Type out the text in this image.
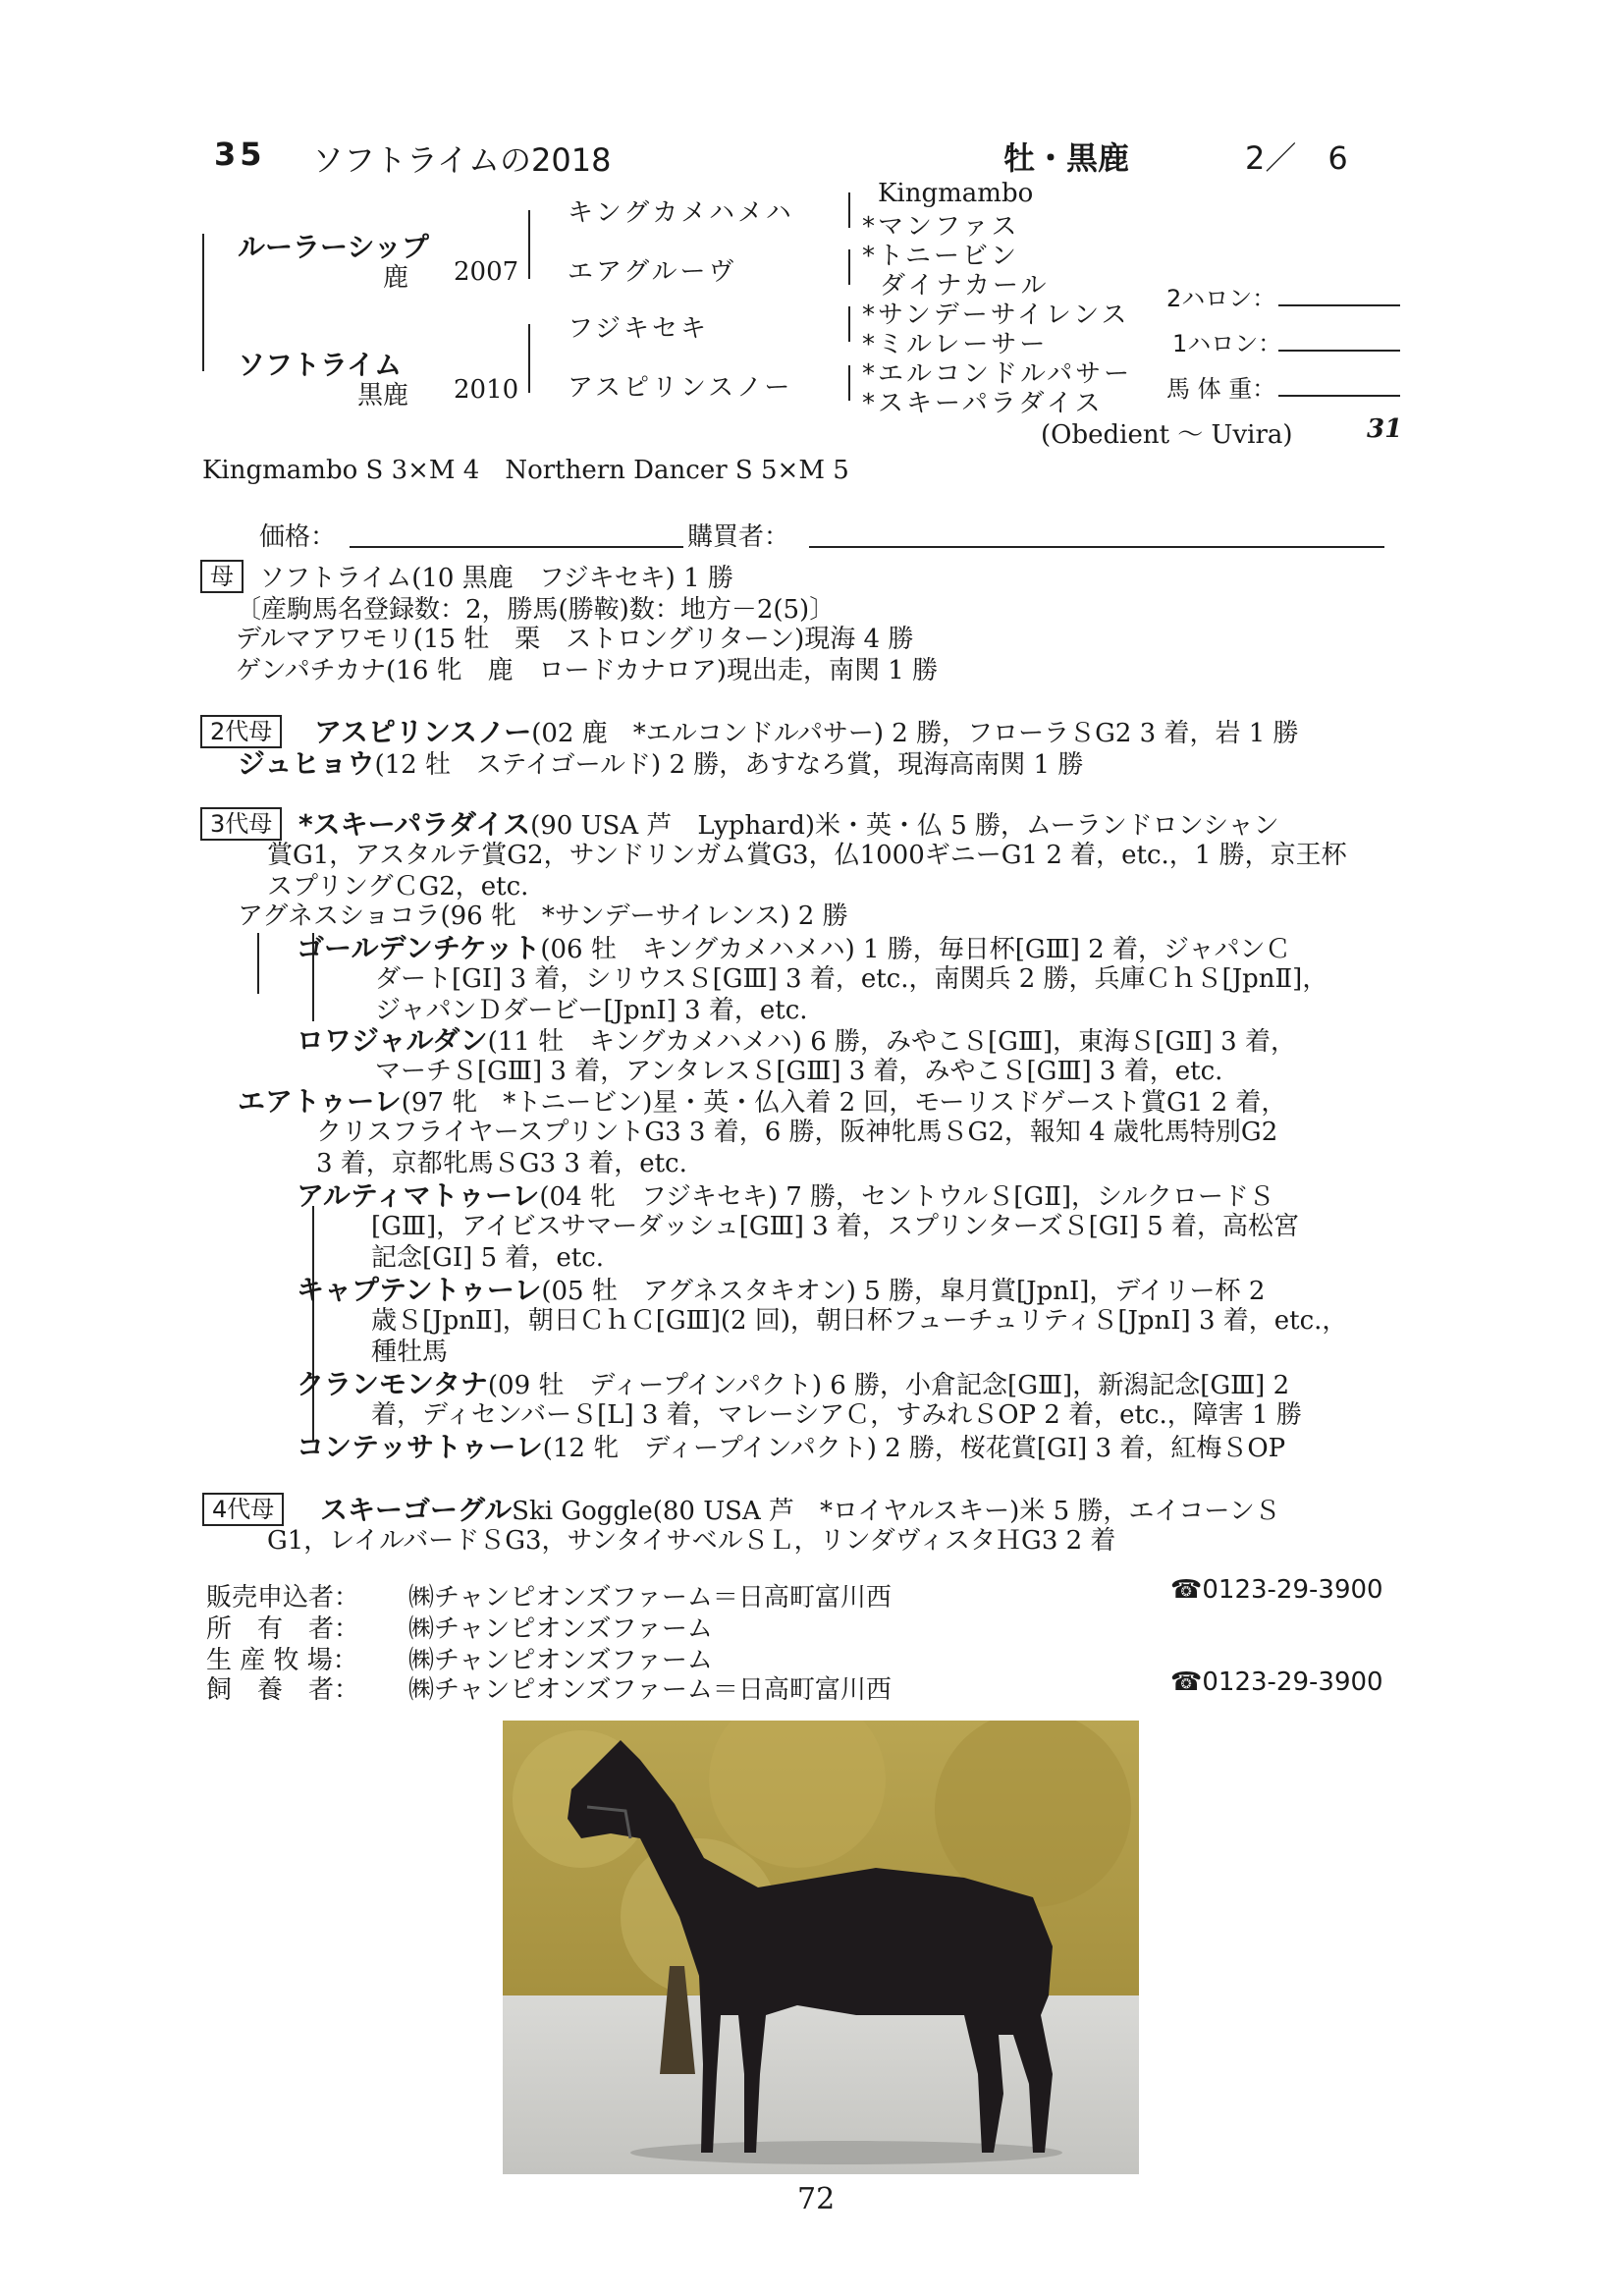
35 ソフトライムの2018	牡・黒鹿	2／　6
ルーラーシップ
鹿 2007
ソフトライム
黒鹿 2010
キングカメハメハ
エアグルーヴ
フジキセキ
アスピリンスノー
Kingmambo
*マンファス
*トニービン
ダイナカール
*サンデーサイレンス
*ミルレーサー
*エルコンドルパサー
*スキーパラダイス
(Obedient 〜 Uvira)	31
2ハロン：
1ハロン：
馬 体 重：
Kingmambo S 3×M 4　Northern Dancer S 5×M 5
価格：	購買者：
母	ソフトライム(10 黒鹿　フジキセキ) 1 勝
〔産駒馬名登録数：2，勝馬(勝鞍)数：地方－2(5)〕
デルマアワモリ(15 牡　栗　ストロングリターン)現海 4 勝
ゲンパチカナ(16 牝　鹿　ロードカナロア)現出走，南関 1 勝
2代母	アスピリンスノー(02 鹿　*エルコンドルパサー) 2 勝，フローラＳG2 3 着，岩 1 勝
ジュヒョウ(12 牡　ステイゴールド) 2 勝，あすなろ賞，現海高南関 1 勝
3代母 *スキーパラダイス(90 USA 芦　Lyphard)米・英・仏 5 勝，ムーランドロンシャン
賞G1，アスタルテ賞G2，サンドリンガム賞G3，仏1000ギニーG1 2 着，etc.，1 勝，京王杯
スプリングＣG2，etc.
アグネスショコラ(96 牝　*サンデーサイレンス) 2 勝
ゴールデンチケット(06 牡　キングカメハメハ) 1 勝，毎日杯[GⅢ] 2 着，ジャパンＣ
ダート[GⅠ] 3 着，シリウスＳ[GⅢ] 3 着，etc.，南関兵 2 勝，兵庫ＣｈＳ[JpnⅡ]，
ジャパンＤダービー[JpnⅠ] 3 着，etc.
ロワジャルダン(11 牡　キングカメハメハ) 6 勝，みやこＳ[GⅢ]，東海Ｓ[GⅡ] 3 着，
マーチＳ[GⅢ] 3 着，アンタレスＳ[GⅢ] 3 着，みやこＳ[GⅢ] 3 着，etc.
エアトゥーレ(97 牝　*トニービン)星・英・仏入着 2 回，モーリスドゲースト賞G1 2 着，
クリスフライヤースプリントG3 3 着，6 勝，阪神牝馬ＳG2，報知 4 歳牝馬特別G2
3 着，京都牝馬ＳG3 3 着，etc.
アルティマトゥーレ(04 牝　フジキセキ) 7 勝，セントウルＳ[GⅡ]，シルクロードＳ
[GⅢ]，アイビスサマーダッシュ[GⅢ] 3 着，スプリンターズＳ[GⅠ] 5 着，高松宮
記念[GⅠ] 5 着，etc.
キャプテントゥーレ(05 牡　アグネスタキオン) 5 勝，皐月賞[JpnⅠ]，デイリー杯 2
歳Ｓ[JpnⅡ]，朝日ＣｈＣ[GⅢ](2 回)，朝日杯フューチュリティＳ[JpnⅠ] 3 着，etc.，
種牡馬
クランモンタナ(09 牡　ディープインパクト) 6 勝，小倉記念[GⅢ]，新潟記念[GⅢ] 2
着，ディセンバーＳ[L] 3 着，マレーシアＣ，すみれＳOP 2 着，etc.，障害 1 勝
コンテッサトゥーレ(12 牝　ディープインパクト) 2 勝，桜花賞[GⅠ] 3 着，紅梅ＳOP
4代母	スキーゴーグルSki Goggle(80 USA 芦　*ロイヤルスキー)米 5 勝，エイコーンＳ
G1，レイルバードＳG3，サンタイサベルＳＬ，リンダヴィスタＨG3 2 着
販売申込者： ㈱チャンピオンズファーム＝日高町富川西	☎0123-29-3900
所　有　者： ㈱チャンピオンズファーム
生 産 牧 場： ㈱チャンピオンズファーム
飼　養　者： ㈱チャンピオンズファーム＝日高町富川西	☎0123-29-3900
72
